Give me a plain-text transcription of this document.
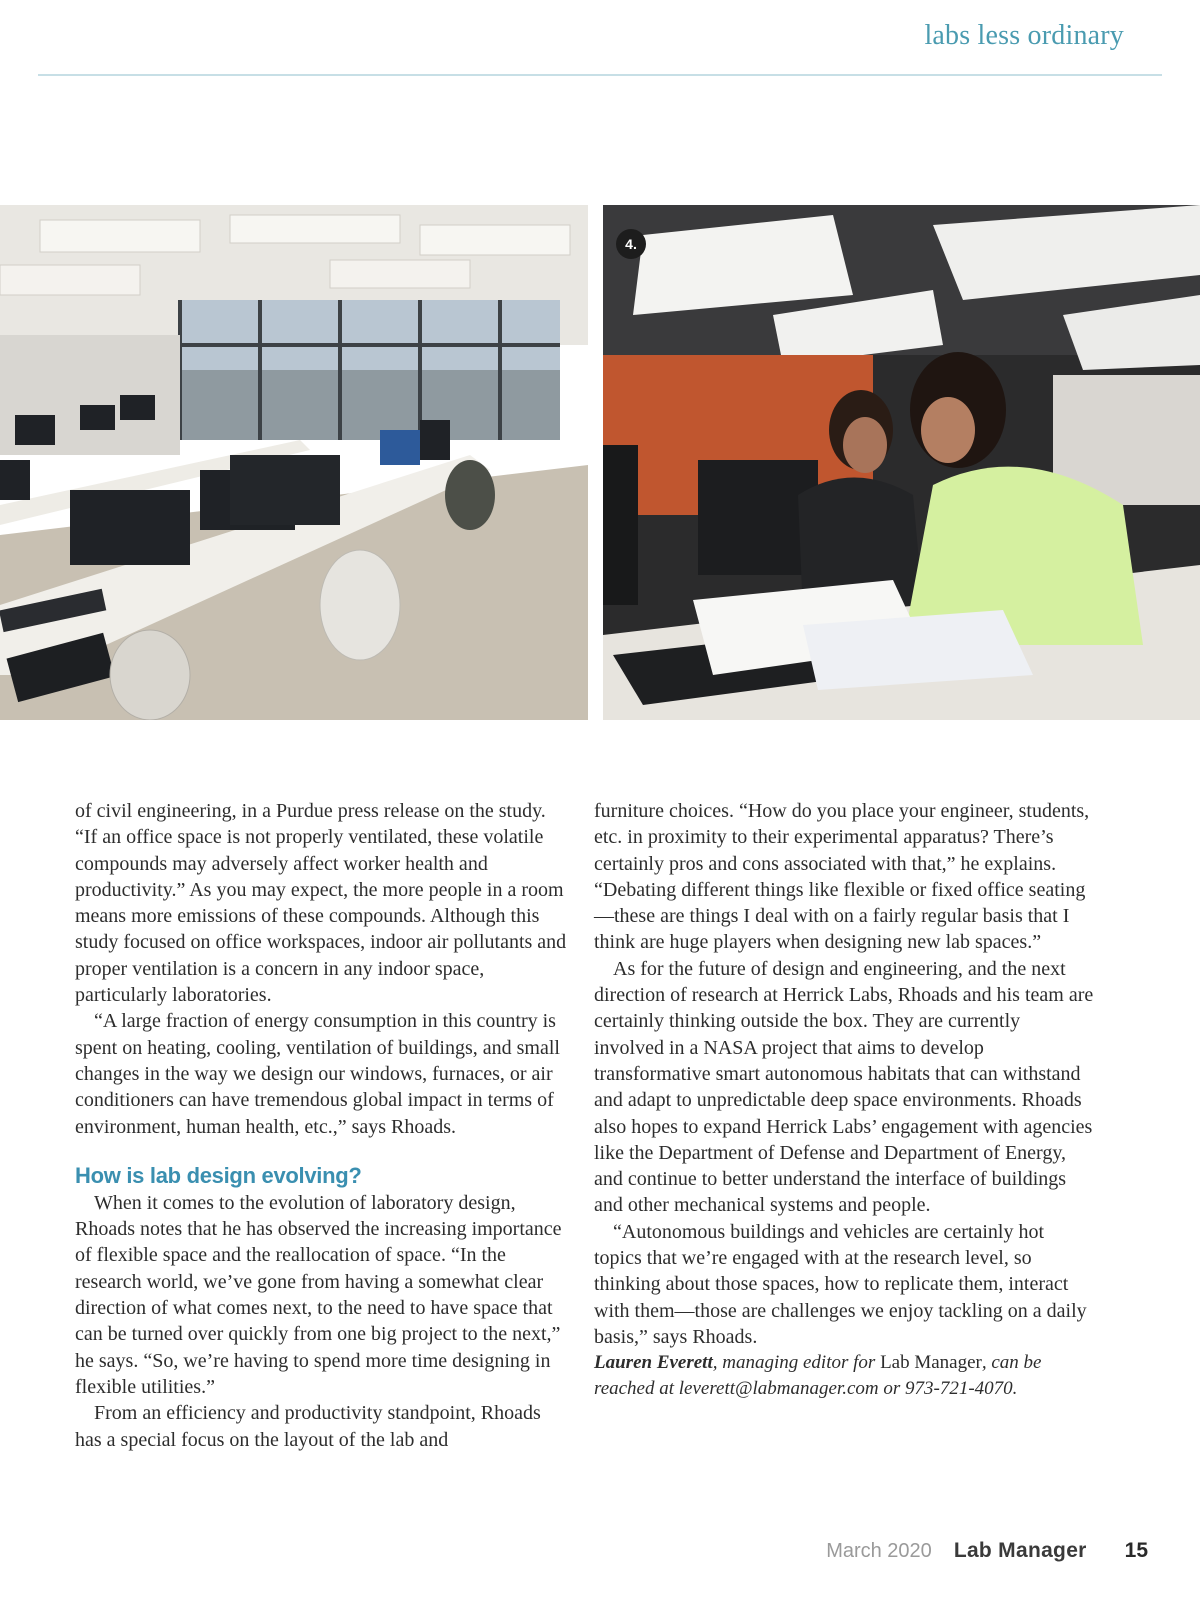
labs less ordinary
4.

of civil engineering, in a Purdue press release on the study. “If an office space is not properly ventilated, these volatile compounds may adversely affect worker health and productivity.” As you may expect, the more people in a room means more emissions of these compounds. Although this study focused on office workspaces, indoor air pollutants and proper ventilation is a concern in any indoor space, particularly laboratories.

“A large fraction of energy consumption in this country is spent on heating, cooling, ventilation of buildings, and small changes in the way we design our windows, furnaces, or air conditioners can have tremendous global impact in terms of environment, human health, etc.,” says Rhoads.

How is lab design evolving?

When it comes to the evolution of laboratory design, Rhoads notes that he has observed the increasing importance of flexible space and the reallocation of space. “In the research world, we’ve gone from having a somewhat clear direction of what comes next, to the need to have space that can be turned over quickly from one big project to the next,” he says. “So, we’re having to spend more time designing in flexible utilities.”

From an efficiency and productivity standpoint, Rhoads has a special focus on the layout of the lab and

furniture choices. “How do you place your engineer, students, etc. in proximity to their experimental apparatus? There’s certainly pros and cons associated with that,” he explains. “Debating different things like flexible or fixed office seating—these are things I deal with on a fairly regular basis that I think are huge players when designing new lab spaces.”

As for the future of design and engineering, and the next direction of research at Herrick Labs, Rhoads and his team are certainly thinking outside the box. They are currently involved in a NASA project that aims to develop transformative smart autonomous habitats that can withstand and adapt to unpredictable deep space environments. Rhoads also hopes to expand Herrick Labs’ engagement with agencies like the Department of Defense and Department of Energy, and continue to better understand the interface of buildings and other mechanical systems and people.

“Autonomous buildings and vehicles are certainly hot topics that we’re engaged with at the research level, so thinking about those spaces, how to replicate them, interact with them—those are challenges we enjoy tackling on a daily basis,” says Rhoads.

Lauren Everett, managing editor for Lab Manager, can be reached at leverett@labmanager.com or 973-721-4070.

March 2020 Lab Manager 15
